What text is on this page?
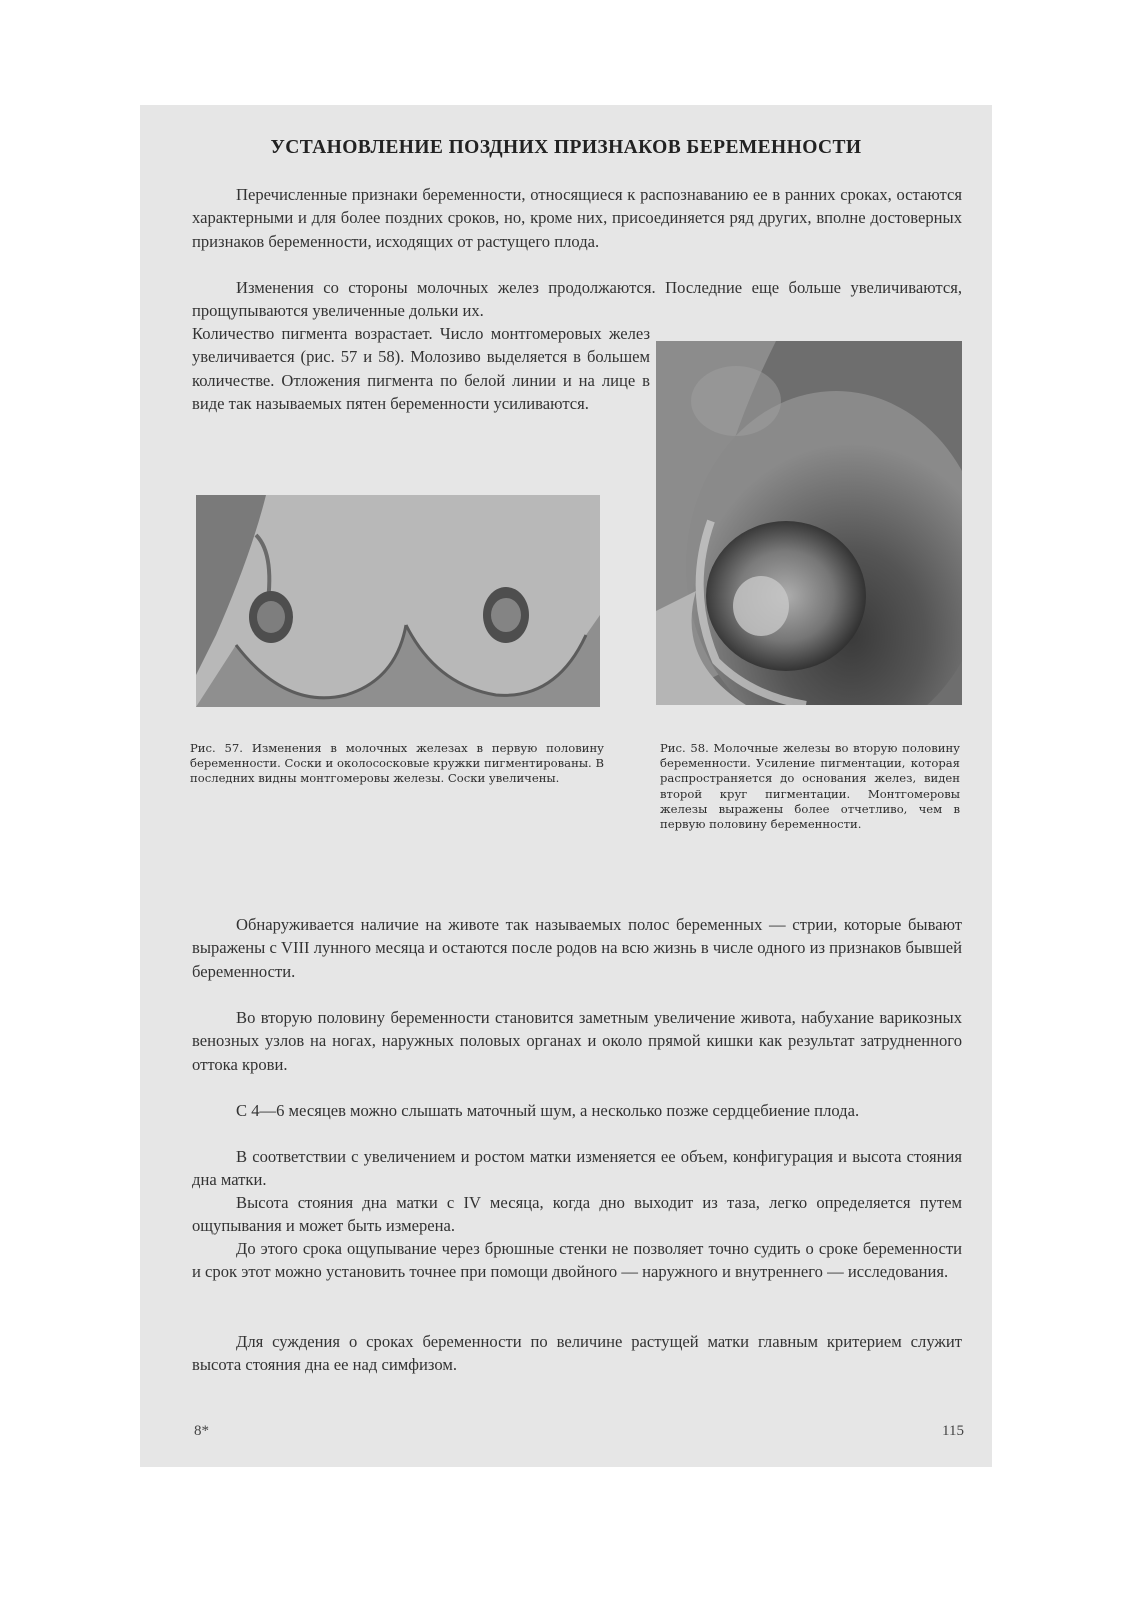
УСТАНОВЛЕНИЕ ПОЗДНИХ ПРИЗНАКОВ БЕРЕМЕННОСТИ

Перечисленные признаки беременности, относящиеся к распознаванию ее в ранних сроках, остаются характерными и для более поздних сроков, но, кроме них, присоединяется ряд других, вполне достоверных признаков беременности, исходящих от растущего плода.

Изменения со стороны молочных желез продолжаются. Последние еще больше увеличиваются, прощупываются увеличенные дольки их.

Количество пигмента возрастает. Число монтгомеровых желез увеличивается (рис. 57 и 58). Молозиво выделяется в большем количестве. Отложения пигмента по белой линии и на лице в виде так называемых пятен беременности усиливаются.

Рис. 57. Изменения в молочных железах в первую половину беременности. Соски и околососковые кружки пигментированы. В последних видны монтгомеровы железы. Соски увеличены.

Рис. 58. Молочные железы во вторую половину беременности. Усиление пигментации, которая распространяется до основания желез, виден второй круг пигментации. Монтгомеровы железы выражены более отчетливо, чем в первую половину беременности.

Обнаруживается наличие на животе так называемых полос беременных — стрии, которые бывают выражены с VIII лунного месяца и остаются после родов на всю жизнь в числе одного из признаков бывшей беременности.

Во вторую половину беременности становится заметным увеличение живота, набухание варикозных венозных узлов на ногах, наружных половых органах и около прямой кишки как результат затрудненного оттока крови.

С 4—6 месяцев можно слышать маточный шум, а несколько позже сердцебиение плода.

В соответствии с увеличением и ростом матки изменяется ее объем, конфигурация и высота стояния дна матки.

Высота стояния дна матки с IV месяца, когда дно выходит из таза, легко определяется путем ощупывания и может быть измерена.

До этого срока ощупывание через брюшные стенки не позволяет точно судить о сроке беременности и срок этот можно установить точнее при помощи двойного — наружного и внутреннего — исследования.

Для суждения о сроках беременности по величине растущей матки главным критерием служит высота стояния дна ее над симфизом.

8*	115
